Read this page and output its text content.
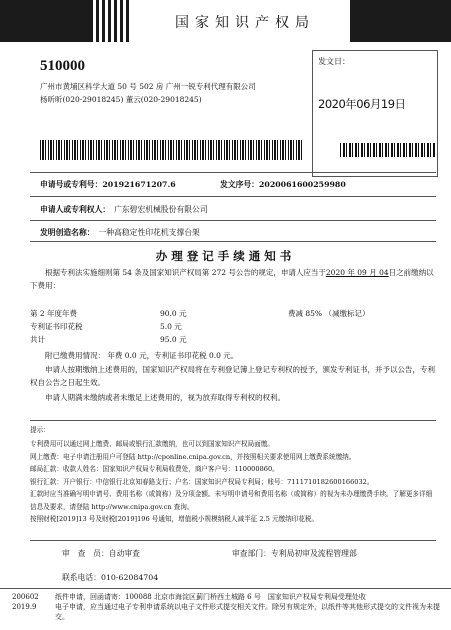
国家知识产权局
510000
广州市黄埔区科学大道 50 号 502 房 广州一锐专利代理有限公司
杨昕昕(020-29018245) 董云(020-29018245)
发文日：
2020年06月19日
申请号或专利号：201921671207.6	发文序号：2020061600259980
申请人或专利权人：　 广东碧宏机械股份有限公司
发明创造名称：　 一种高稳定性印花机支撑台架
办理登记手续通知书
根据专利法实施细则第 54 条及国家知识产权局第 272 号公告的规定，申请人应当于2020 年 09 月 04日之前缴纳以下费用：
第 2 年度年费	90.0 元	费减 85% （减缴标记）
专利证书印花税	5.0 元
共计	95.0 元
附已缴费用情况： 年费 0.0 元，专利证书印花税 0.0 元。
申请人按期缴纳上述费用的，国家知识产权局将在专利登记簿上登记专利权的授予，颁发专利证书，并予以公告，专利权自公告之日起生效。
申请人期满未缴纳或者未缴足上述费用的，视为放弃取得专利权的权利。
提示：
专利费用可以通过网上缴费、邮局或银行汇款缴纳，也可以到国家知识产权局面缴。
网上缴费：电子申请注册用户可登陆 http://cponline.cnipa.gov.cn，并按照相关要求使用网上缴费系统缴纳。
邮局汇款：收款人姓名：国家知识产权局专利局收费处，商户客户号：110000860。
银行汇款：开户银行：中信银行北京知春路支行；户名：国家知识产权局专利局；账号：7111710182600166032。
汇款时应当准确写明申请号、费用名称（或简称）及分项金额。未写明申请号和费用名称（或简称）的视为未办理缴费手续。了解更多详细信息及要求，请登陆 http://www.cnipa.gov.cn 查询。
按照财税[2019]13 号及财税[2019]196 号通知，增值税小规模纳税人减半征 2.5 元缴纳印花税。
审　查　员：自动审查	审查部门：专利局初审及流程管理部
联系电话：010-62084704
200602
2019.9
纸件申请，回函请寄：100088 北京市海淀区蓟门桥西土城路 6 号　国家知识产权局专利局受理处收
电子申请，应当通过电子专利申请系统以电子文件形式提交相关文件。除另有规定外，以纸件等其他形式提交的文件视为未提交。
